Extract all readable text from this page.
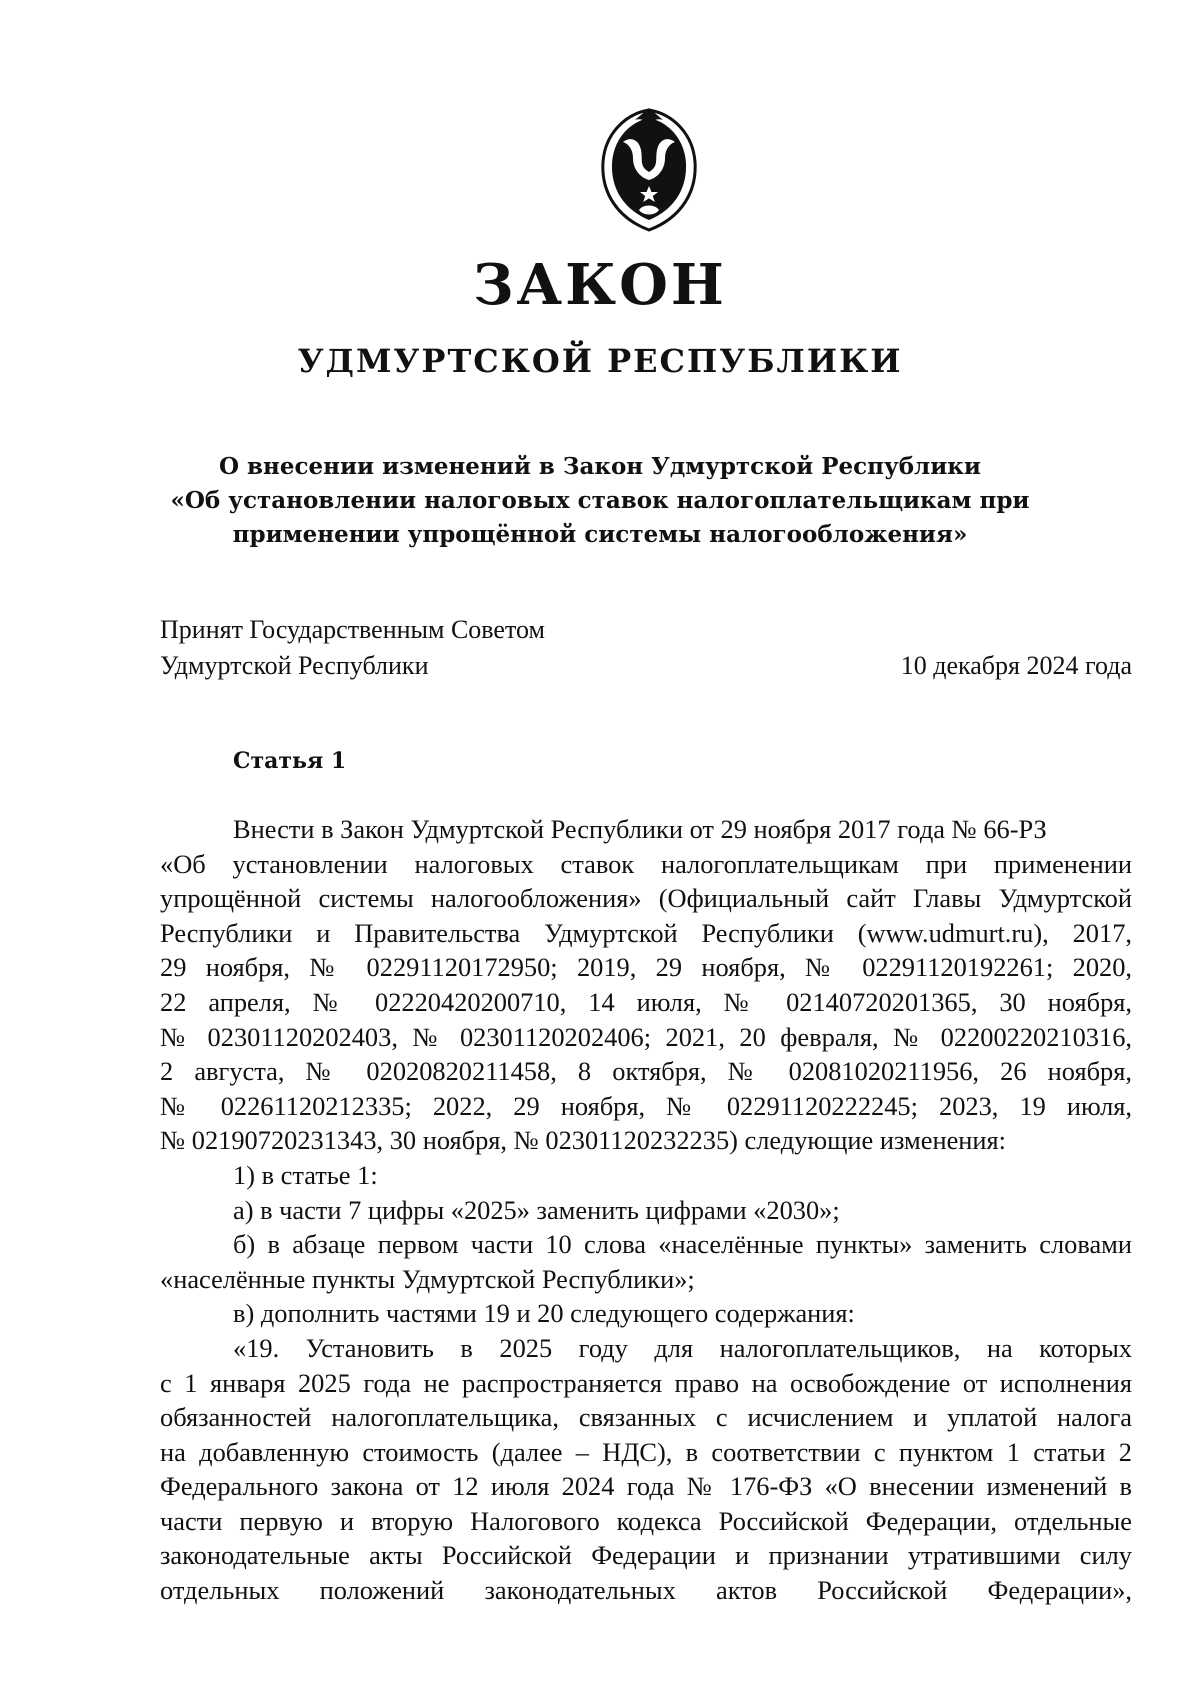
ЗАКОН
УДМУРТСКОЙ РЕСПУБЛИКИ
О внесении изменений в Закон Удмуртской Республики
«Об установлении налоговых ставок налогоплательщикам при
применении упрощённой системы налогообложения»
Принят Государственным Советом
Удмуртской Республики	10 декабря 2024 года
Статья 1
Внести в Закон Удмуртской Республики от 29 ноября 2017 года № 66-РЗ
«Об установлении налоговых ставок налогоплательщикам при применении
упрощённой системы налогообложения» (Официальный сайт Главы Удмуртской
Республики и Правительства Удмуртской Республики (www.udmurt.ru), 2017,
29 ноября, № 02291120172950; 2019, 29 ноября, № 02291120192261; 2020,
22 апреля, № 02220420200710, 14 июля, № 02140720201365, 30 ноября,
№ 02301120202403, № 02301120202406; 2021, 20 февраля, № 02200220210316,
2 августа, № 02020820211458, 8 октября, № 02081020211956, 26 ноября,
№ 02261120212335; 2022, 29 ноября, № 02291120222245; 2023, 19 июля,
№ 02190720231343, 30 ноября, № 02301120232235) следующие изменения:
1) в статье 1:
а) в части 7 цифры «2025» заменить цифрами «2030»;
б) в абзаце первом части 10 слова «населённые пункты» заменить словами
«населённые пункты Удмуртской Республики»;
в) дополнить частями 19 и 20 следующего содержания:
«19. Установить в 2025 году для налогоплательщиков, на которых
с 1 января 2025 года не распространяется право на освобождение от исполнения
обязанностей налогоплательщика, связанных с исчислением и уплатой налога
на добавленную стоимость (далее – НДС), в соответствии с пунктом 1 статьи 2
Федерального закона от 12 июля 2024 года № 176-ФЗ «О внесении изменений в
части первую и вторую Налогового кодекса Российской Федерации, отдельные
законодательные акты Российской Федерации и признании утратившими силу
отдельных положений законодательных актов Российской Федерации»,
